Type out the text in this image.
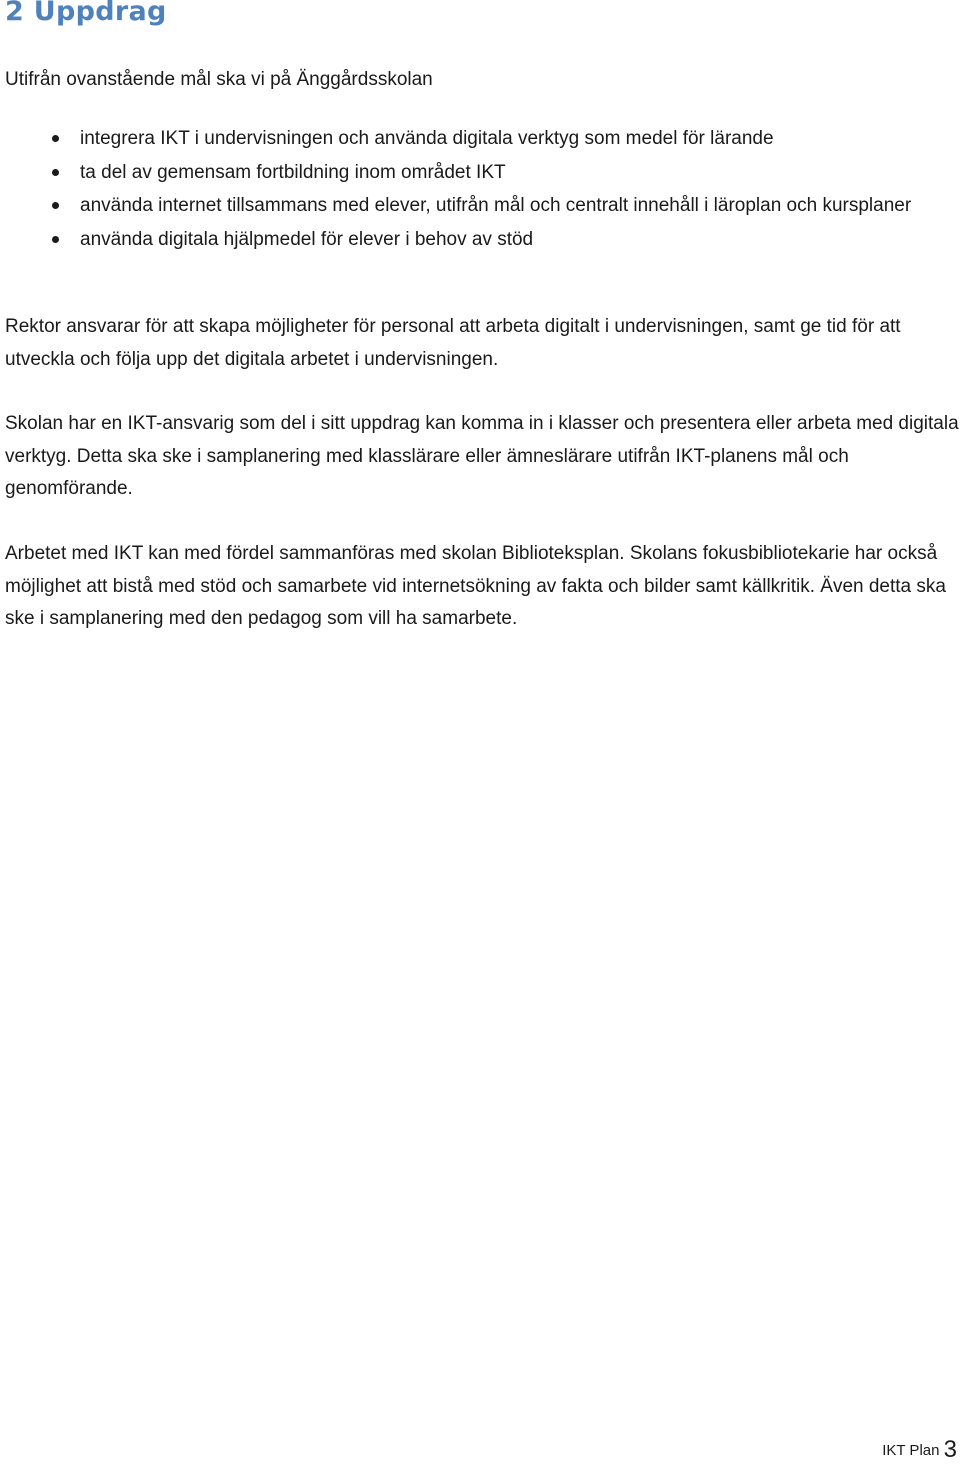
2 Uppdrag

Utifrån ovanstående mål ska vi på Änggårdsskolan

integrera IKT i undervisningen och använda digitala verktyg som medel för lärande
ta del av gemensam fortbildning inom området IKT
använda internet tillsammans med elever, utifrån mål och centralt innehåll i läroplan och kursplaner
använda digitala hjälpmedel för elever i behov av stöd

Rektor ansvarar för att skapa möjligheter för personal att arbeta digitalt i undervisningen, samt ge tid för att utveckla och följa upp det digitala arbetet i undervisningen.

Skolan har en IKT-ansvarig som del i sitt uppdrag kan komma in i klasser och presentera eller arbeta med digitala verktyg. Detta ska ske i samplanering med klasslärare eller ämneslärare utifrån IKT-planens mål och genomförande.

Arbetet med IKT kan med fördel sammanföras med skolan Biblioteksplan. Skolans fokusbibliotekarie har också möjlighet att bistå med stöd och samarbete vid internetsökning av fakta och bilder samt källkritik. Även detta ska ske i samplanering med den pedagog som vill ha samarbete.

IKT Plan 3
